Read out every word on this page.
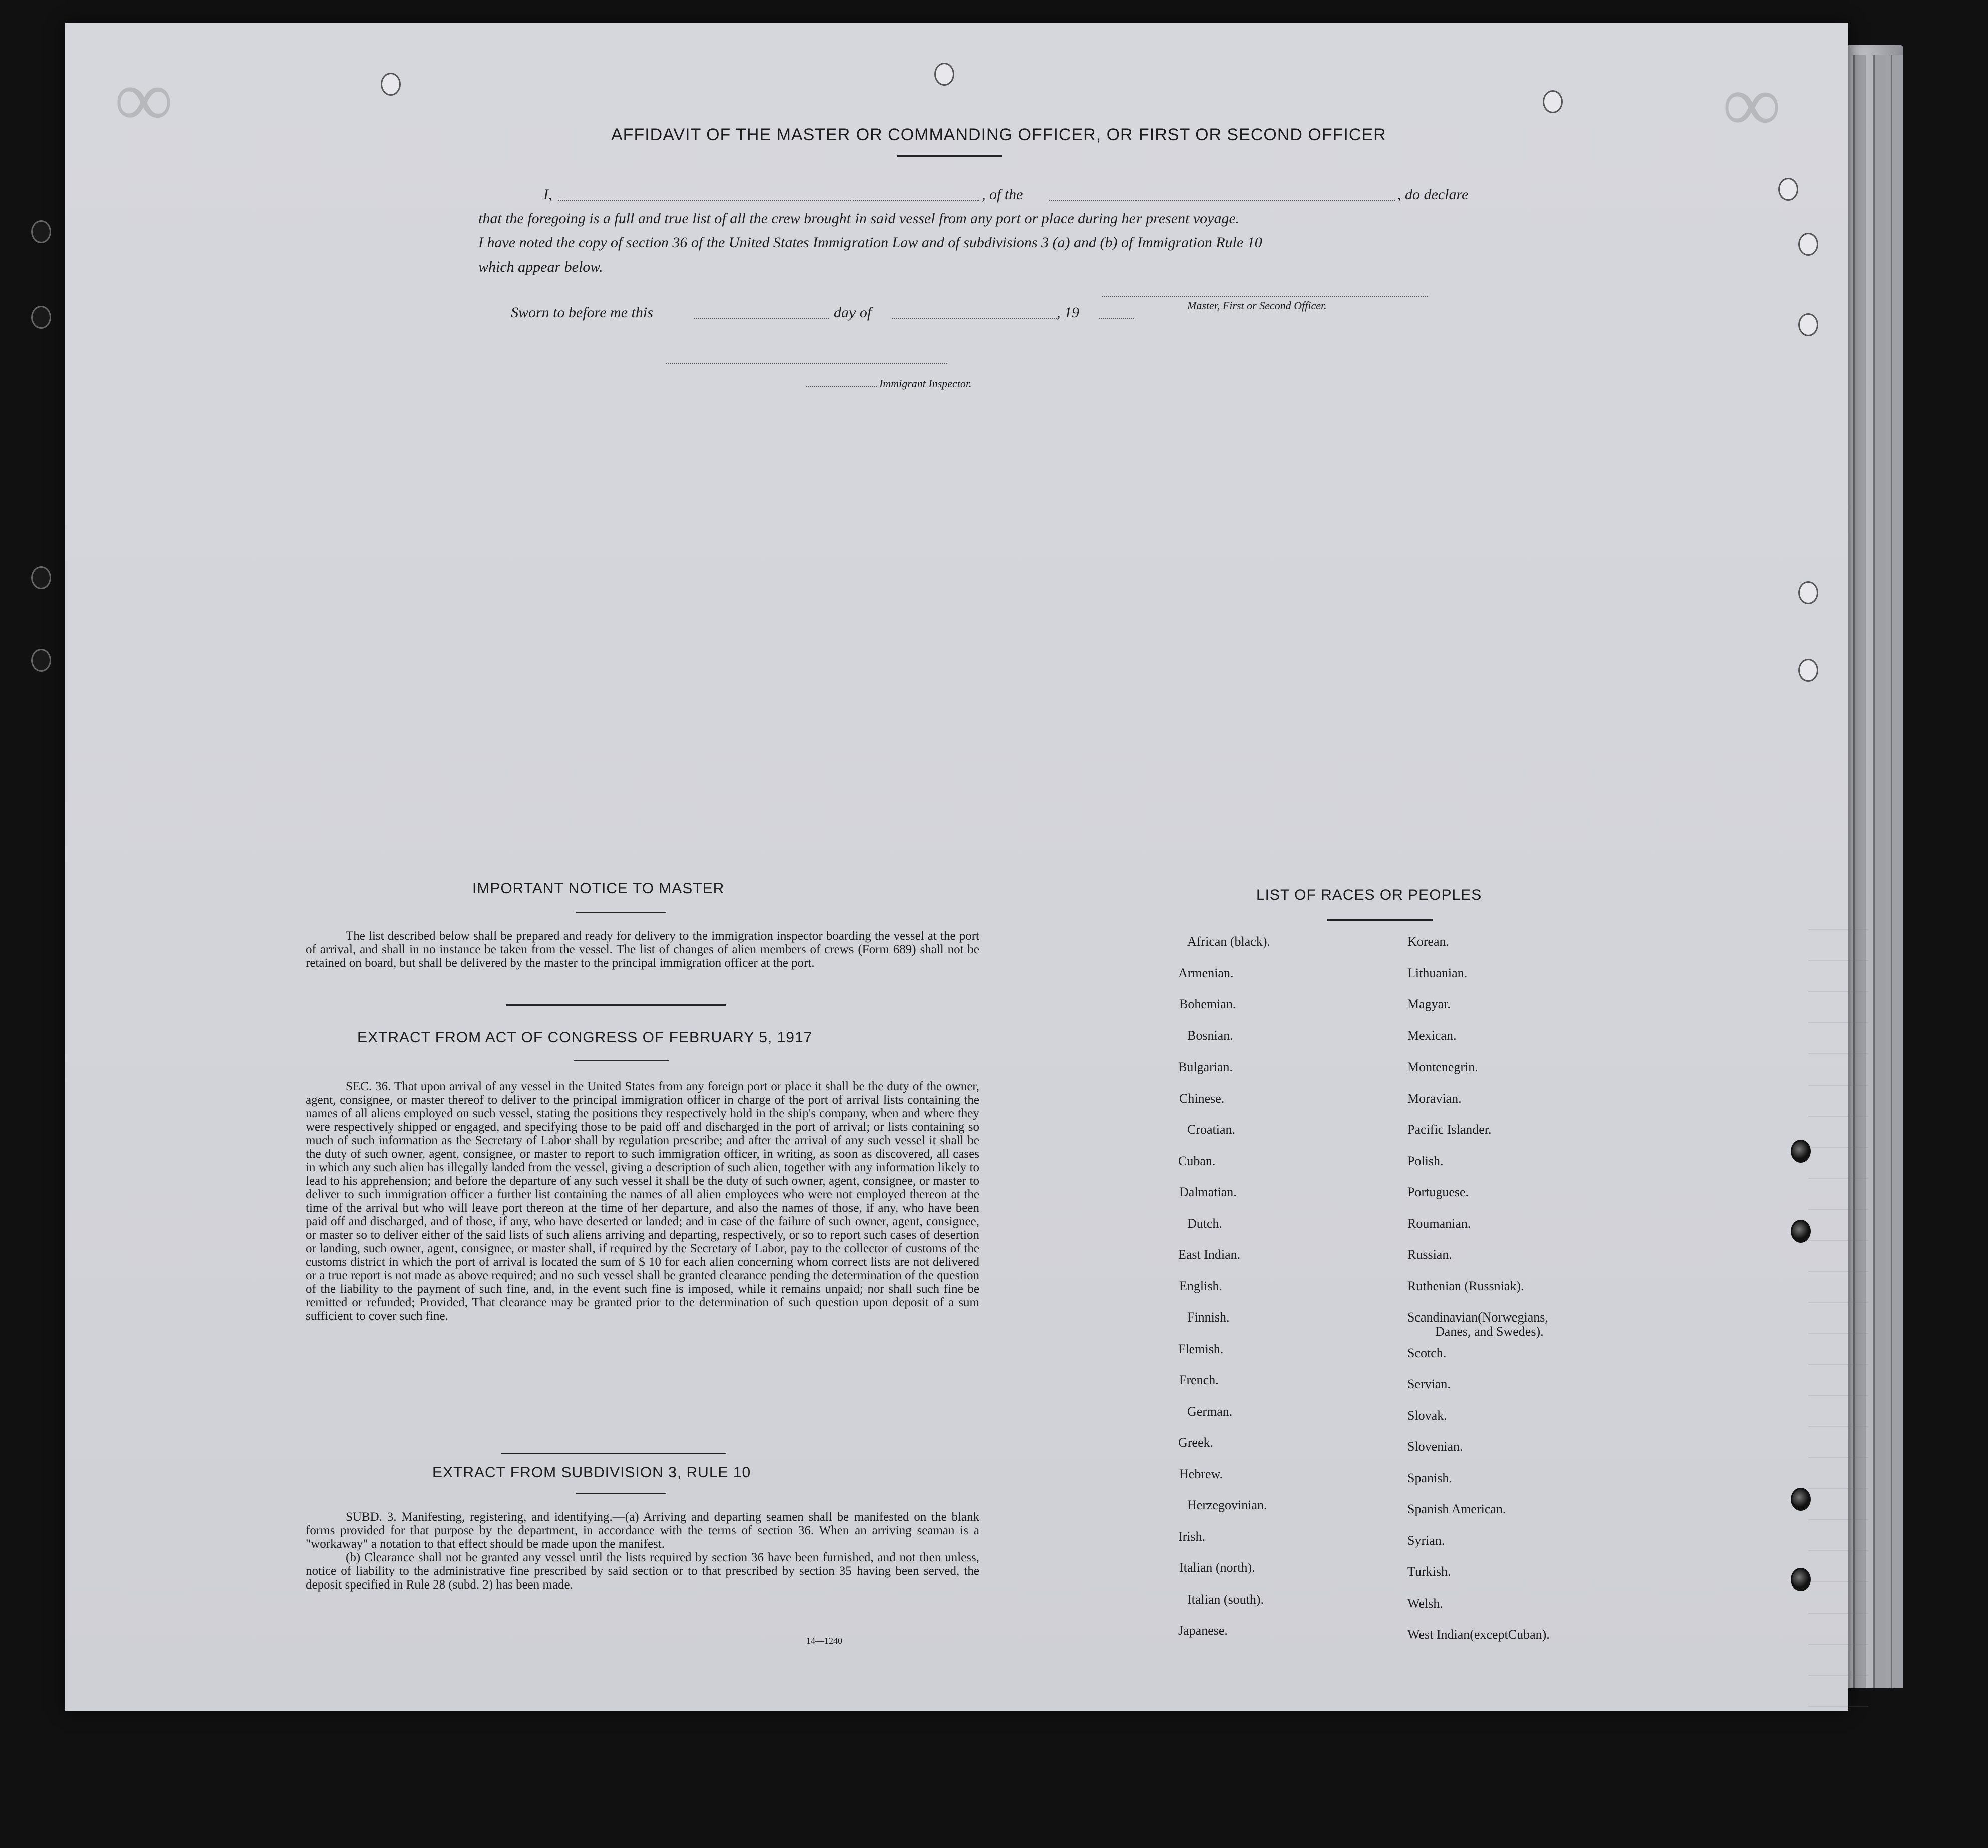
∞	∞
AFFIDAVIT OF THE MASTER OR COMMANDING OFFICER, OR FIRST OR SECOND OFFICER
I,	, of the	, do declare
that the foregoing is a full and true list of all the crew brought in said vessel from any port or place during her present voyage.
I have noted the copy of section 36 of the United States Immigration Law and of subdivisions 3 (a) and (b) of Immigration Rule 10
which appear below.
Master, First or Second Officer.
Sworn to before me this	day of	, 19
Immigrant Inspector.
IMPORTANT NOTICE TO MASTER
The list described below shall be prepared and ready for delivery to the immigration inspector boarding the vessel at the port of arrival, and shall in no instance be taken from the vessel. The list of changes of alien members of crews (Form 689) shall not be retained on board, but shall be delivered by the master to the principal immigration officer at the port.
EXTRACT FROM ACT OF CONGRESS OF FEBRUARY 5, 1917
SEC. 36. That upon arrival of any vessel in the United States from any foreign port or place it shall be the duty of the owner, agent, consignee, or master thereof to deliver to the principal immigration officer in charge of the port of arrival lists containing the names of all aliens employed on such vessel, stating the positions they respectively hold in the ship's company, when and where they were respectively shipped or engaged, and specifying those to be paid off and discharged in the port of arrival; or lists containing so much of such information as the Secretary of Labor shall by regulation prescribe; and after the arrival of any such vessel it shall be the duty of such owner, agent, consignee, or master to report to such immigration officer, in writing, as soon as discovered, all cases in which any such alien has illegally landed from the vessel, giving a description of such alien, together with any information likely to lead to his apprehension; and before the departure of any such vessel it shall be the duty of such owner, agent, consignee, or master to deliver to such immigration officer a further list containing the names of all alien employees who were not employed thereon at the time of the arrival but who will leave port thereon at the time of her departure, and also the names of those, if any, who have been paid off and discharged, and of those, if any, who have deserted or landed; and in case of the failure of such owner, agent, consignee, or master so to deliver either of the said lists of such aliens arriving and departing, respectively, or so to report such cases of desertion or landing, such owner, agent, consignee, or master shall, if required by the Secretary of Labor, pay to the collector of customs of the customs district in which the port of arrival is located the sum of $ 10 for each alien concerning whom correct lists are not delivered or a true report is not made as above required; and no such vessel shall be granted clearance pending the determination of the question of the liability to the payment of such fine, and, in the event such fine is imposed, while it remains unpaid; nor shall such fine be remitted or refunded; Provided, That clearance may be granted prior to the determination of such question upon deposit of a sum sufficient to cover such fine.
EXTRACT FROM SUBDIVISION 3, RULE 10
SUBD. 3. Manifesting, registering, and identifying.—(a) Arriving and departing seamen shall be manifested on the blank forms provided for that purpose by the department, in accordance with the terms of section 36. When an arriving seaman is a "workaway" a notation to that effect should be made upon the manifest.
(b) Clearance shall not be granted any vessel until the lists required by section 36 have been furnished, and not then unless, notice of liability to the administrative fine prescribed by said section or to that prescribed by section 35 having been served, the deposit specified in Rule 28 (subd. 2) has been made.
14—1240
LIST OF RACES OR PEOPLES
African (black).
Armenian.
Bohemian.
Bosnian.
Bulgarian.
Chinese.
Croatian.
Cuban.
Dalmatian.
Dutch.
East Indian.
English.
Finnish.
Flemish.
French.
German.
Greek.
Hebrew.
Herzegovinian.
Irish.
Italian (north).
Italian (south).
Japanese.
Korean.
Lithuanian.
Magyar.
Mexican.
Montenegrin.
Moravian.
Pacific Islander.
Polish.
Portuguese.
Roumanian.
Russian.
Ruthenian (Russniak).
Scandinavian(Norwegians,
Scotch.
Servian.
Slovak.
Slovenian.
Spanish.
Spanish American.
Syrian.
Turkish.
Welsh.
West Indian(exceptCuban).
Danes, and Swedes).
